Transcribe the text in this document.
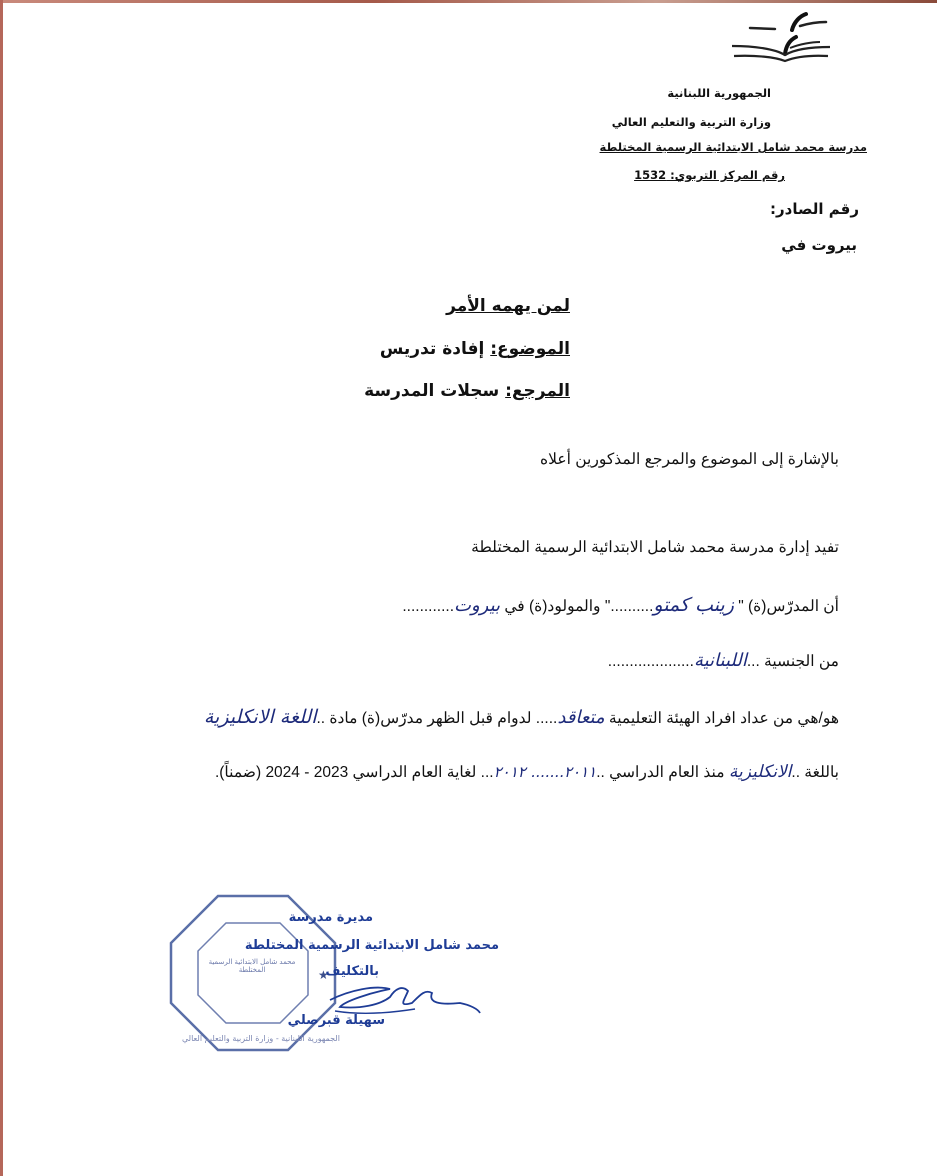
الجمهورية اللبنانية
وزارة التربية والتعليم العالي
مدرسة محمد شامل الابتدائية الرسمية المختلطة
رقم المركز التربوي: 1532
رقم الصادر:
بيروت في
لمن يهمه الأمر
الموضوع: إفادة تدريس
المرجع: سجلات المدرسة
بالإشارة إلى الموضوع والمرجع المذكورين أعلاه
تفيد إدارة مدرسة محمد شامل الابتدائية الرسمية المختلطة
أن المدرّس(ة) " زينب كمتو.........." والمولود(ة) في بيروت............
من الجنسية ...اللبنانية....................
هو/هي من عداد افراد الهيئة التعليمية متعاقد..... لدوام قبل الظهر مدرّس(ة) مادة ..اللغة الانكليزية
باللغة ..الانكليزية منذ العام الدراسي ..٢٠١١....... ٢٠١٢... لغاية العام الدراسي 2023 - 2024 (ضمناً).
★
محمد شامل الابتدائية الرسمية المختلطة
الجمهورية اللبنانية - وزارة التربية والتعليم العالي
مديرة مدرسة
محمد شامل الابتدائية الرسمية المختلطة
بالتكليف
سهيلة قبرصلي
